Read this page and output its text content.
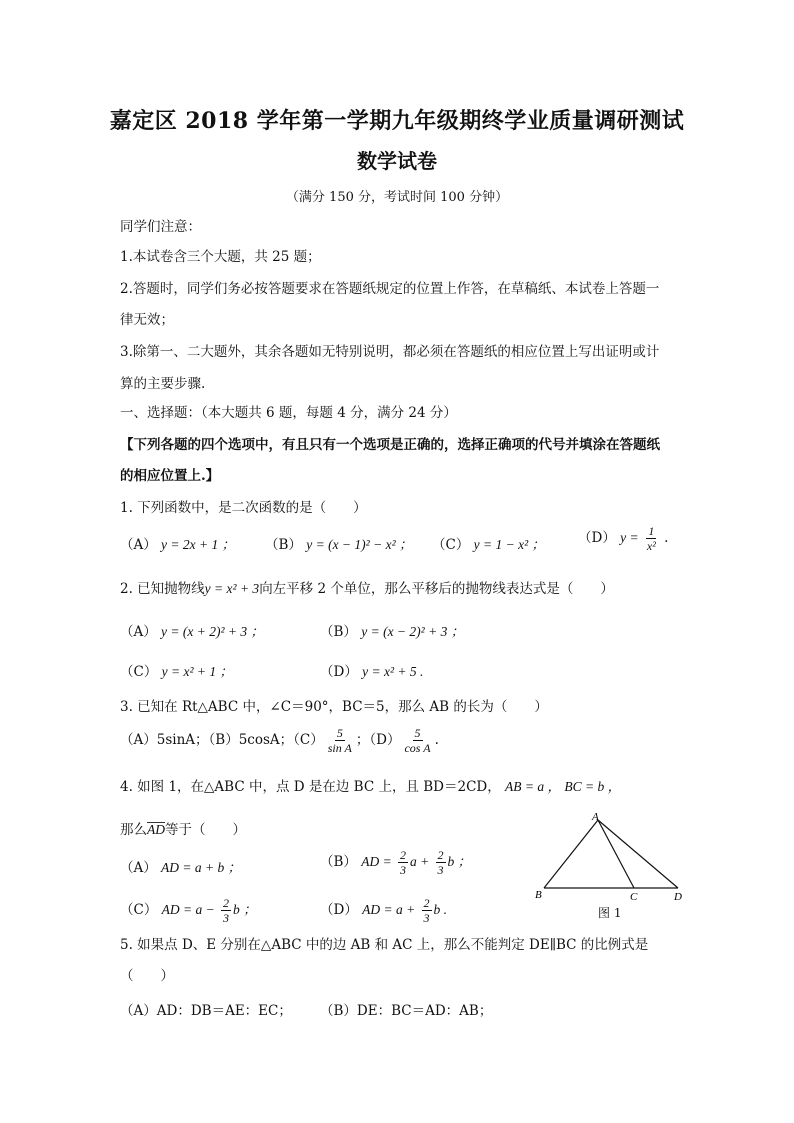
嘉定区 2018 学年第一学期九年级期终学业质量调研测试
数学试卷
（满分 150 分，考试时间 100 分钟）
同学们注意：
1.本试卷含三个大题，共 25 题；
2.答题时，同学们务必按答题要求在答题纸规定的位置上作答，在草稿纸、本试卷上答题一
律无效；
3.除第一、二大题外，其余各题如无特别说明，都必须在答题纸的相应位置上写出证明或计
算的主要步骤.
一、选择题：（本大题共 6 题，每题 4 分，满分 24 分）
【下列各题的四个选项中，有且只有一个选项是正确的，选择正确项的代号并填涂在答题纸
的相应位置上.】
1. 下列函数中，是二次函数的是（　　）
（A） y = 2x + 1 ； （B） y = (x − 1)² − x² ； （C） y = 1 − x² ； （D） $y = \frac{1}{\text{x²}}$ .
2. 已知抛物线y = x² + 3向左平移 2 个单位，那么平移后的抛物线表达式是（　　）
（A） y = (x + 2)² + 3 ；	（B） y = (x − 2)² + 3 ；
（C） y = x² + 1 ；	（D） y = x² + 5 .
3. 已知在 Rt△ABC 中，∠C＝90°，BC＝5，那么 AB 的长为（　　）
（A）5sinA；（B）5cosA；$(C) \frac{5}{\text{sin A}}$ ；$(D) \frac{5}{\text{cos A}}$ .
4. 如图 1，在△ABC 中，点 D 是在边 BC 上，且 BD＝2CD， AB = a ， BC = b ，
那么AD等于（　　）
（A） AD = a + b ；	（B） AD = $\frac{2}{3}$ $a + \frac{2}{3}$ b ；
（C） AD = $a - \frac{2}{3}$ b ；	（D） AD = $a + \frac{2}{3}$ b .
A
B	C	D
图 1
5. 如果点 D、E 分别在△ABC 中的边 AB 和 AC 上，那么不能判定 DE∥BC 的比例式是
（　　）
（A）AD：DB＝AE：EC； （B）DE：BC＝AD：AB；
